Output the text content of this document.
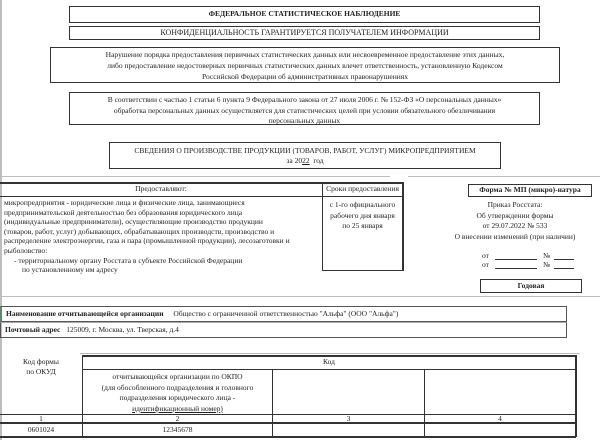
ФЕДЕРАЛЬНОЕ СТАТИСТИЧЕСКОЕ НАБЛЮДЕНИЕ
КОНФИДЕНЦИАЛЬНОСТЬ ГАРАНТИРУЕТСЯ ПОЛУЧАТЕЛЕМ ИНФОРМАЦИИ
Нарушение порядка предоставления первичных статистических данных или несвоевременное предоставление этих данных,
либо предоставление недостоверных первичных статистических данных влечет ответственность, установленную Кодексом
Российской Федерации об административных правонарушениях
В соответствии с частью 1 статьи 6 пункта 9 Федерального закона от 27 июля 2006 г. № 152-ФЗ «О персональных данных»
обработка персональных данных осуществляется для статистических целей при условии обязательного обезличивания
персональных данных
СВЕДЕНИЯ О ПРОИЗВОДСТВЕ ПРОДУКЦИИ (ТОВАРОВ, РАБОТ, УСЛУГ) МИКРОПРЕДПРИЯТИЕМ
за 2022 год
Предоставляют:	Сроки предоставления
микропредприятия - юридические лица и физические лица, занимающиеся
предпринимательской деятельностью без образования юридического лица
(индивидуальные предприниматели), осуществляющие производство продукции
(товаров, работ, услуг) добывающих, обрабатывающих производств, производство и
распределение электроэнергии, газа и пара (промышленной продукции), лесозаготовки и
рыболовство:
- территориальному органу Росстата в субъекте Российской Федерации
по установленному им адресу
с 1-го официального
рабочего дня января
по 25 января
Форма № МП (микро)-натура
Приказ Росстата:
Об утверждении формы
от 29.07.2022 № 533
О внесении изменений (при наличии)
от	№
от	№
Годовая
Наименование отчитывающейся организации Общество с ограниченной ответственностью "Альфа" (ООО "Альфа")
Почтовый адрес 125009, г. Москва, ул. Тверская, д.4
Код формы
по ОКУД
Код
отчитывающейся организации по ОКПО
(для обособленного подразделения и головного
подразделения юридического лица -
идентификационный номер)
1	2	3	4
0601024	12345678
